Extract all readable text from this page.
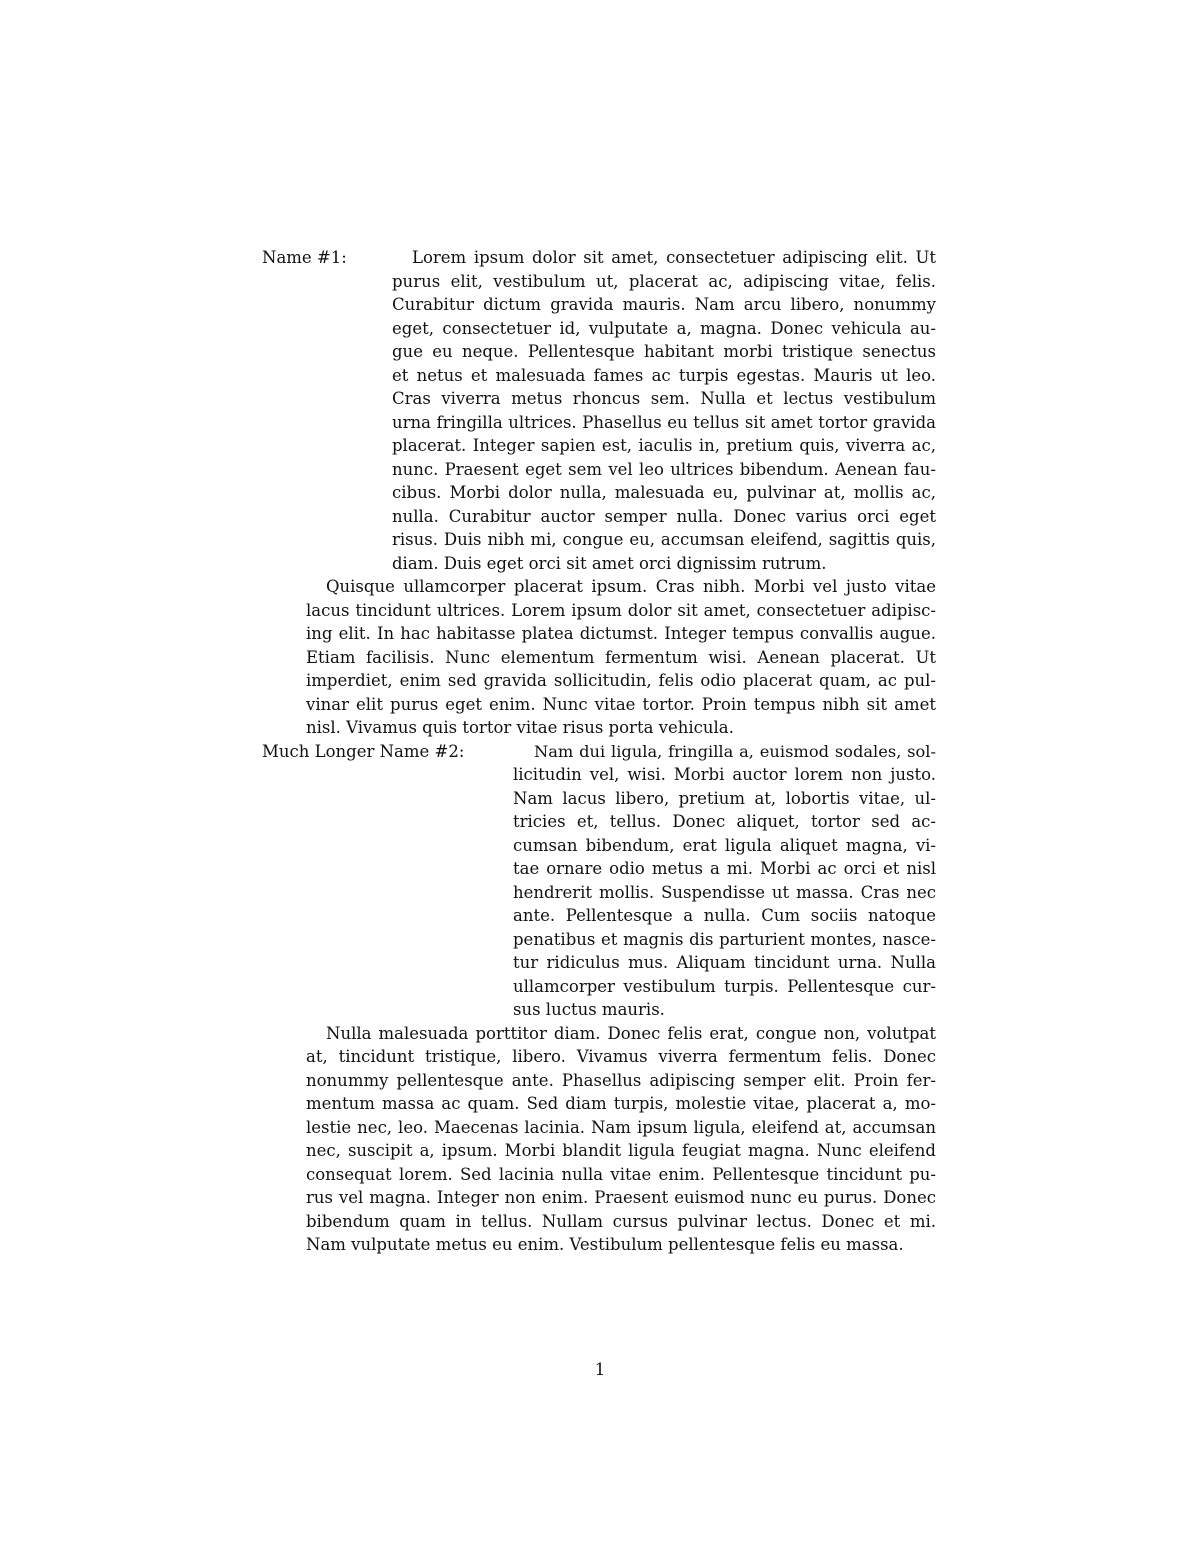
Name #1:	Lorem ipsum dolor sit amet, consectetuer adipiscing elit. Ut
purus elit, vestibulum ut, placerat ac, adipiscing vitae, felis.
Curabitur dictum gravida mauris. Nam arcu libero, nonummy
eget, consectetuer id, vulputate a, magna. Donec vehicula au-
gue eu neque. Pellentesque habitant morbi tristique senectus
et netus et malesuada fames ac turpis egestas. Mauris ut leo.
Cras viverra metus rhoncus sem. Nulla et lectus vestibulum
urna fringilla ultrices. Phasellus eu tellus sit amet tortor gravida
placerat. Integer sapien est, iaculis in, pretium quis, viverra ac,
nunc. Praesent eget sem vel leo ultrices bibendum. Aenean fau-
cibus. Morbi dolor nulla, malesuada eu, pulvinar at, mollis ac,
nulla. Curabitur auctor semper nulla. Donec varius orci eget
risus. Duis nibh mi, congue eu, accumsan eleifend, sagittis quis,
diam. Duis eget orci sit amet orci dignissim rutrum.
Quisque ullamcorper placerat ipsum. Cras nibh. Morbi vel justo vitae
lacus tincidunt ultrices. Lorem ipsum dolor sit amet, consectetuer adipisc-
ing elit. In hac habitasse platea dictumst. Integer tempus convallis augue.
Etiam facilisis. Nunc elementum fermentum wisi. Aenean placerat. Ut
imperdiet, enim sed gravida sollicitudin, felis odio placerat quam, ac pul-
vinar elit purus eget enim. Nunc vitae tortor. Proin tempus nibh sit amet
nisl. Vivamus quis tortor vitae risus porta vehicula.
Much Longer Name #2:	Nam dui ligula, fringilla a, euismod sodales, sol-
licitudin vel, wisi. Morbi auctor lorem non justo.
Nam lacus libero, pretium at, lobortis vitae, ul-
tricies et, tellus. Donec aliquet, tortor sed ac-
cumsan bibendum, erat ligula aliquet magna, vi-
tae ornare odio metus a mi. Morbi ac orci et nisl
hendrerit mollis. Suspendisse ut massa. Cras nec
ante. Pellentesque a nulla. Cum sociis natoque
penatibus et magnis dis parturient montes, nasce-
tur ridiculus mus. Aliquam tincidunt urna. Nulla
ullamcorper vestibulum turpis. Pellentesque cur-
sus luctus mauris.
Nulla malesuada porttitor diam. Donec felis erat, congue non, volutpat
at, tincidunt tristique, libero. Vivamus viverra fermentum felis. Donec
nonummy pellentesque ante. Phasellus adipiscing semper elit. Proin fer-
mentum massa ac quam. Sed diam turpis, molestie vitae, placerat a, mo-
lestie nec, leo. Maecenas lacinia. Nam ipsum ligula, eleifend at, accumsan
nec, suscipit a, ipsum. Morbi blandit ligula feugiat magna. Nunc eleifend
consequat lorem. Sed lacinia nulla vitae enim. Pellentesque tincidunt pu-
rus vel magna. Integer non enim. Praesent euismod nunc eu purus. Donec
bibendum quam in tellus. Nullam cursus pulvinar lectus. Donec et mi.
Nam vulputate metus eu enim. Vestibulum pellentesque felis eu massa.
1
